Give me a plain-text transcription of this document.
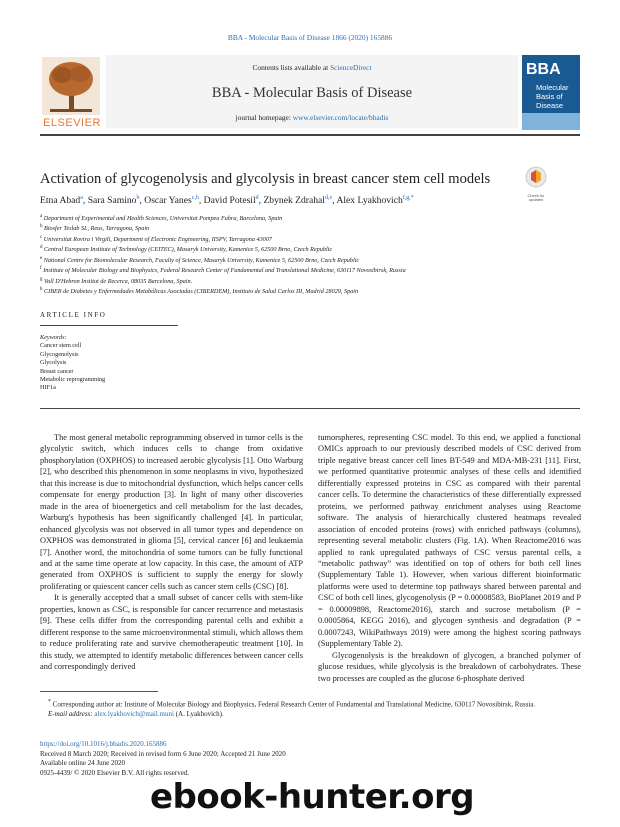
BBA - Molecular Basis of Disease 1866 (2020) 165886
ELSEVIER
Contents lists available at ScienceDirect
BBA - Molecular Basis of Disease
journal homepage: www.elsevier.com/locate/bbadis
BBA
Molecular
Basis of
Disease
Activation of glycogenolysis and glycolysis in breast cancer stem cell models
Check for updates
Etna Abad$^a$, Sara Samino$^b$, Oscar Yanes$^{c,h}$, David Potesil$^d$, Zbynek Zdrahal$^{d,e}$, Alex Lyakhovich$^{f,g,*}$
$^a$ Department of Experimental and Health Sciences, Universitat Pompeu Fabra, Barcelona, Spain
$^b$ Biosfer Teslab SL, Reus, Tarragona, Spain
$^c$ Universitat Rovira i Virgili, Department of Electronic Engineering, IISPV, Tarragona 43007
$^d$ Central European Institute of Technology (CEITEC), Masaryk University, Kamenice 5, 62500 Brno, Czech Republic
$^e$ National Centre for Biomolecular Research, Faculty of Science, Masaryk University, Kamenice 5, 62500 Brno, Czech Republic
$^f$ Institute of Molecular Biology and Biophysics, Federal Research Center of Fundamental and Translational Medicine, 630117 Novosibirsk, Russia
$^g$ Vall D'Hebron Institut de Recerca, 08035 Barcelona, Spain.
$^h$ CIBER de Diabetes y Enfermedades Metabólicas Asociadas (CIBERDEM), Instituto de Salud Carlos III, Madrid 28029, Spain
ARTICLE INFO
Keywords:
Cancer stem cell
Glycogenolysis
Glycolysis
Breast cancer
Metabolic reprogramming
HIF1a

The most general metabolic reprogramming observed in tumor cells is the glycolytic switch, which induces cells to change from oxidative phosphorylation (OXPHOS) to increased aerobic glycolysis [1]. Otto Warburg [2], who described this phenomenon in some neoplasms in vivo, hypothesized that this increase is due to mitochondrial dysfunction, which helps cancer cells compensate for energy production [3]. In light of many other discoveries made in the area of bioenergetics and cell metabolism for the last decades, Warburg's hypothesis has been significantly challenged [4]. In particular, enhanced glycolysis was not observed in all tumor types and dependence on OXPHOS was demonstrated in glioma [5], cervical cancer [6] and leukaemia [7]. Another word, the mitochondria of some tumors can be fully functional and at the same time operate at low capacity. In this case, the amount of ATP generated from OXPHOS is sufficient to supply the energy for slowly proliferating or quiescent cancer cells such as cancer stem cells (CSC) [8].

It is generally accepted that a small subset of cancer cells with stem-like properties, known as CSC, is responsible for cancer recurrence and metastasis [9]. These cells differ from the corresponding parental cells and exhibit a different response to the same microenvironmental stimuli, which allows them to reduce proliferating rate and survive chemotherapeutic treatment [10]. In this study, we attempted to identify metabolic differences between cancer cells and correspondingly derived

tumorspheres, representing CSC model. To this end, we applied a functional OMICs approach to our previously described models of CSC derived from triple negative breast cancer cell lines BT-549 and MDA-MB-231 [11]. First, we performed quantitative proteomic analyses of these cells and identified differentially expressed proteins in CSC as compared with their parental cancer cells. To determine the characteristics of these differentially expressed proteins, we performed pathway enrichment analyses using Reactome software. The analysis of hierarchically clustered heatmaps revealed association of encoded proteins (rows) with enriched pathways (columns), representing several metabolic clusters (Fig. 1A). When Reactome2016 was applied to rank upregulated pathways of CSC versus parental cells, a “metabolic pathway” was identified on top of others for both cell lines (Supplementary Table 1). However, when various different bioinformatic platforms were used to determine top pathways shared between parental and CSC of both cell lines, glycogenolysis (P = 0.00008583, BioPlanet 2019 and P = 0.00009898, Reactome2016), starch and sucrose metabolism (P = 0.0005864, KEGG 2016), and glycogen synthesis and degradation (P = 0.0007243, WikiPathways 2019) were among the highest scoring pathways (Supplementary Table 2).

Glycogenolysis is the breakdown of glycogen, a branched polymer of glucose residues, while glycolysis is the breakdown of carbohydrates. These two processes are coupled as the glucose 6-phosphate derived

* Corresponding author at: Institute of Molecular Biology and Biophysics, Federal Research Center of Fundamental and Translational Medicine, 630117 Novosibirsk, Russia.
E-mail address: alex.lyakhovich@mail.muni (A. Lyakhovich).
https://doi.org/10.1016/j.bbadis.2020.165886
Received 8 March 2020; Received in revised form 6 June 2020; Accepted 21 June 2020
Available online 24 June 2020
0925-4439/ © 2020 Elsevier B.V. All rights reserved.
ebook-hunter.org
